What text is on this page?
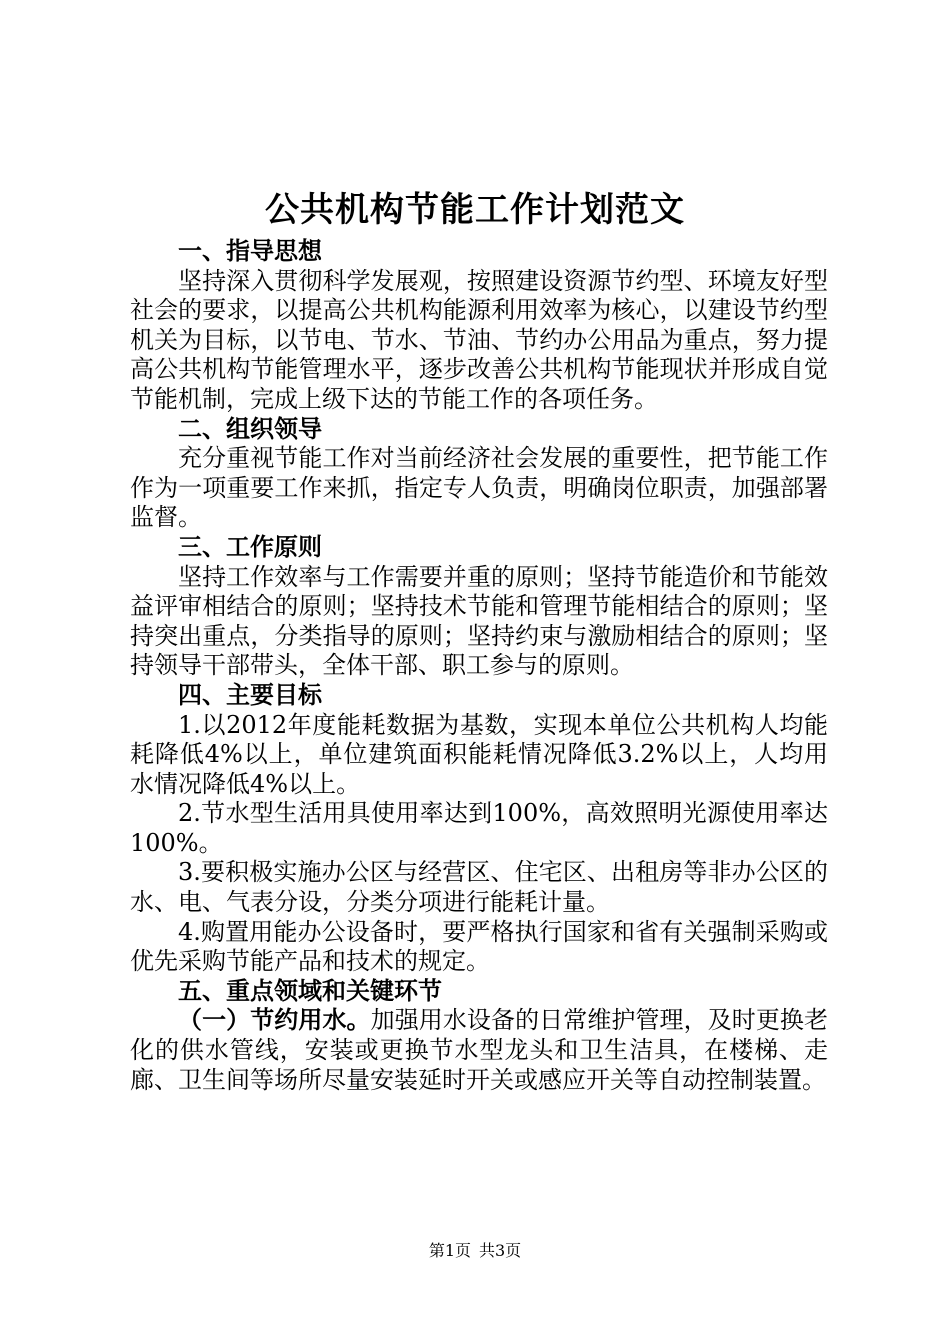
公共机构节能工作计划范文

一、指导思想

坚持深入贯彻科学发展观，按照建设资源节约型、环境友好型社会的要求，以提高公共机构能源利用效率为核心，以建设节约型机关为目标，以节电、节水、节油、节约办公用品为重点，努力提高公共机构节能管理水平，逐步改善公共机构节能现状并形成自觉节能机制，完成上级下达的节能工作的各项任务。

二、组织领导

充分重视节能工作对当前经济社会发展的重要性，把节能工作作为一项重要工作来抓，指定专人负责，明确岗位职责，加强部署监督。

三、工作原则

坚持工作效率与工作需要并重的原则；坚持节能造价和节能效益评审相结合的原则；坚持技术节能和管理节能相结合的原则；坚持突出重点，分类指导的原则；坚持约束与激励相结合的原则；坚持领导干部带头，全体干部、职工参与的原则。

四、主要目标

1.以2012年度能耗数据为基数，实现本单位公共机构人均能耗降低4%以上，单位建筑面积能耗情况降低3.2%以上，人均用水情况降低4%以上。

2.节水型生活用具使用率达到100%，高效照明光源使用率达100%。

3.要积极实施办公区与经营区、住宅区、出租房等非办公区的水、电、气表分设，分类分项进行能耗计量。

4.购置用能办公设备时，要严格执行国家和省有关强制采购或优先采购节能产品和技术的规定。

五、重点领域和关键环节

（一）节约用水。加强用水设备的日常维护管理，及时更换老化的供水管线，安装或更换节水型龙头和卫生洁具，在楼梯、走廊、卫生间等场所尽量安装延时开关或感应开关等自动控制装置。

第1页 共3页
